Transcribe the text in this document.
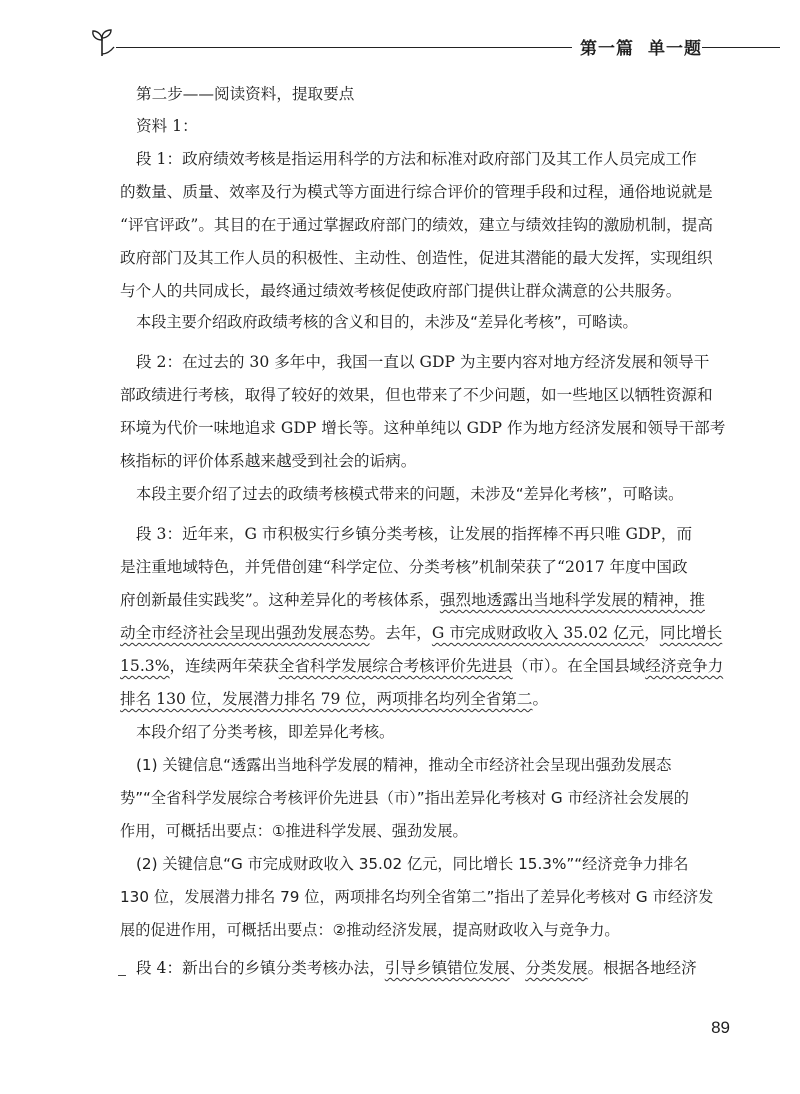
第一篇 单一题
第二步——阅读资料，提取要点
资料 1：
段 1：政府绩效考核是指运用科学的方法和标准对政府部门及其工作人员完成工作
的数量、质量、效率及行为模式等方面进行综合评价的管理手段和过程，通俗地说就是
“评官评政”。其目的在于通过掌握政府部门的绩效，建立与绩效挂钩的激励机制，提高
政府部门及其工作人员的积极性、主动性、创造性，促进其潜能的最大发挥，实现组织
与个人的共同成长，最终通过绩效考核促使政府部门提供让群众满意的公共服务。
本段主要介绍政府政绩考核的含义和目的，未涉及“差异化考核”，可略读。
段 2：在过去的 30 多年中，我国一直以 GDP 为主要内容对地方经济发展和领导干
部政绩进行考核，取得了较好的效果，但也带来了不少问题，如一些地区以牺牲资源和
环境为代价一味地追求 GDP 增长等。这种单纯以 GDP 作为地方经济发展和领导干部考
核指标的评价体系越来越受到社会的诟病。
本段主要介绍了过去的政绩考核模式带来的问题，未涉及“差异化考核”，可略读。
段 3：近年来，G 市积极实行乡镇分类考核，让发展的指挥棒不再只唯 GDP，而
是注重地域特色，并凭借创建“科学定位、分类考核”机制荣获了“2017 年度中国政
府创新最佳实践奖”。这种差异化的考核体系，强烈地透露出当地科学发展的精神，推
动全市经济社会呈现出强劲发展态势。去年，G 市完成财政收入 35.02 亿元，同比增长
15.3%，连续两年荣获全省科学发展综合考核评价先进县（市）。在全国县域经济竞争力
排名 130 位，发展潜力排名 79 位，两项排名均列全省第二。
本段介绍了分类考核，即差异化考核。
(1) 关键信息“透露出当地科学发展的精神，推动全市经济社会呈现出强劲发展态
势”“全省科学发展综合考核评价先进县（市）”指出差异化考核对 G 市经济社会发展的
作用，可概括出要点：①推进科学发展、强劲发展。
(2) 关键信息“G 市完成财政收入 35.02 亿元，同比增长 15.3%”“经济竞争力排名
130 位，发展潜力排名 79 位，两项排名均列全省第二”指出了差异化考核对 G 市经济发
展的促进作用，可概括出要点：②推动经济发展，提高财政收入与竞争力。
段 4：新出台的乡镇分类考核办法，引导乡镇错位发展、分类发展。根据各地经济
89
